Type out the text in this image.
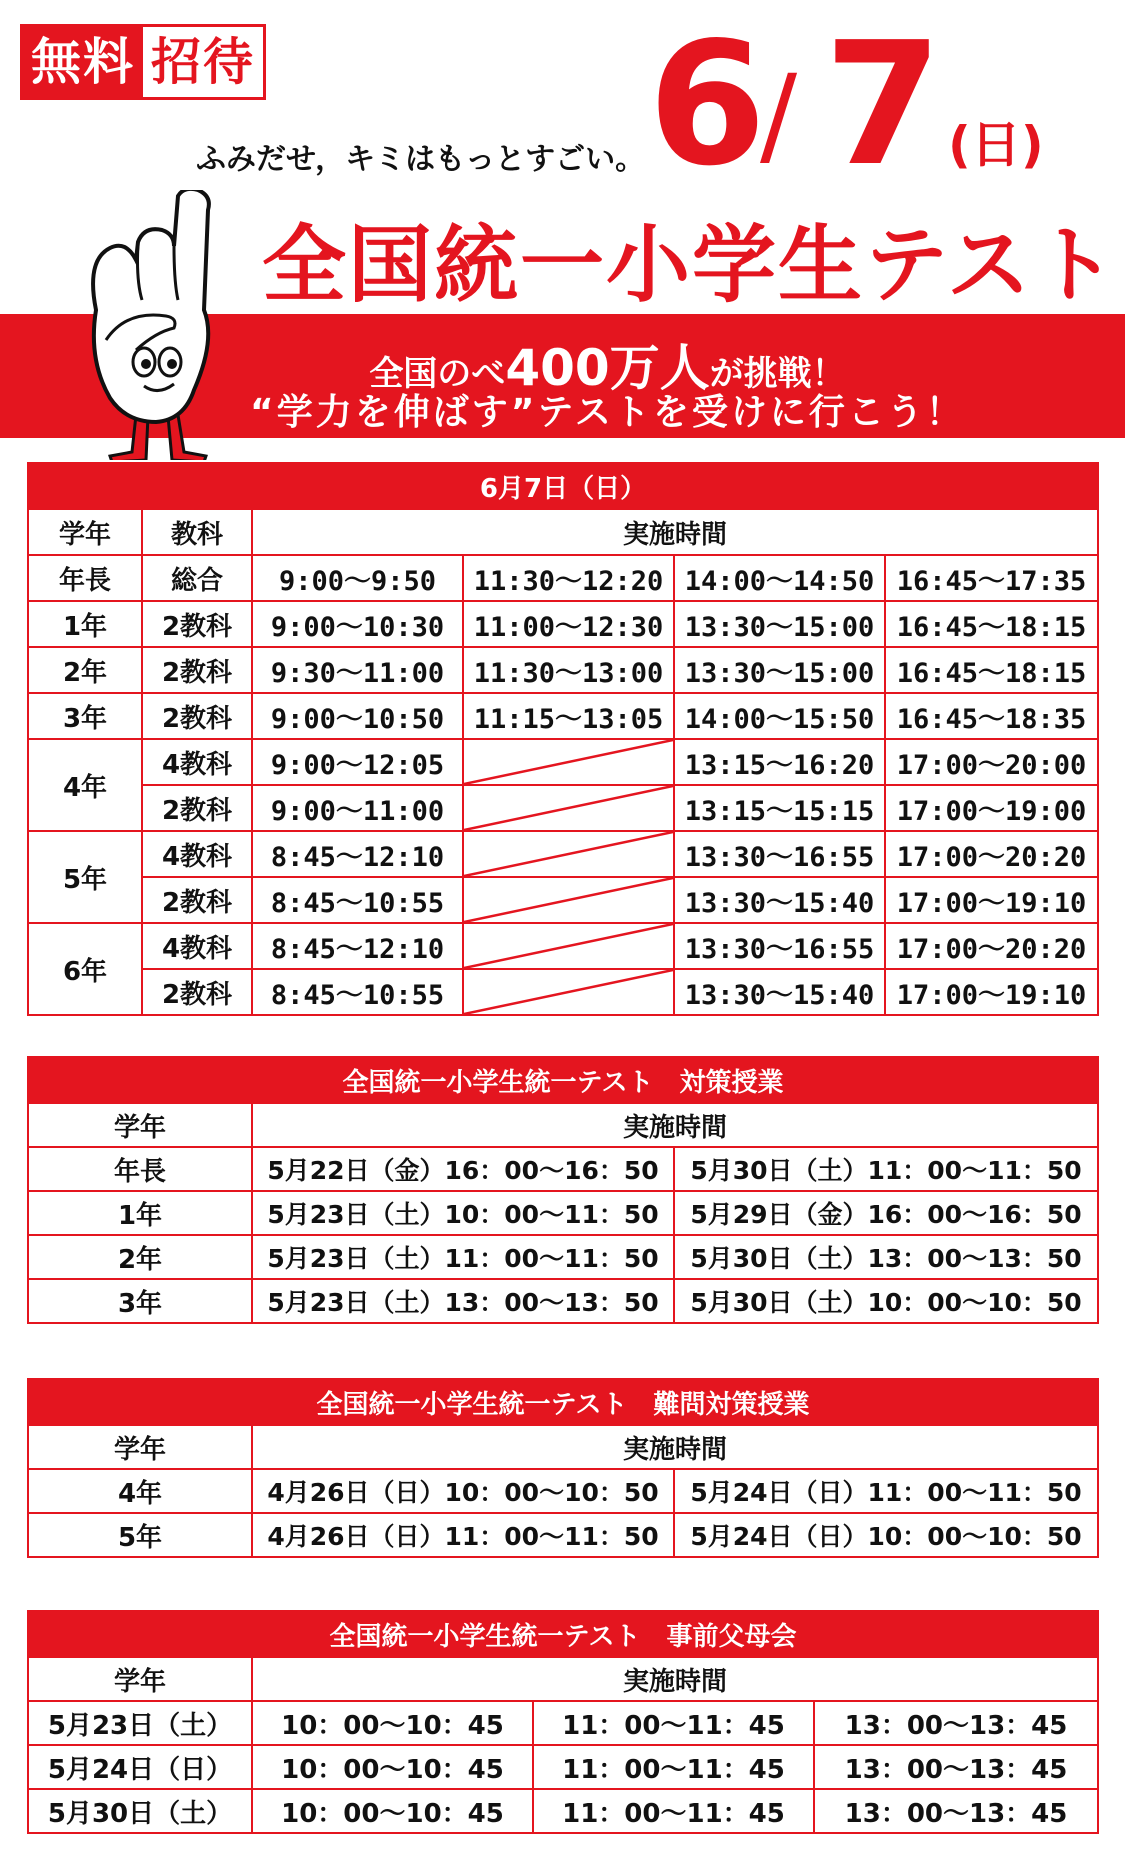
無料 招待
ふみだせ，キミはもっとすごい。 6
/ 7 (日)
全国統一小学生テスト
全国のべ400万人が挑戦！
“学力を伸ばす”テストを受けに行こう！
6月7日（日）					
学年	教科	実施時間			
年長	総合	9:00〜9:50	11:30〜12:20	14:00〜14:50	16:45〜17:35
1年	2教科	9:00〜10:30	11:00〜12:30	13:30〜15:00	16:45〜18:15
2年	2教科	9:30〜11:00	11:30〜13:00	13:30〜15:00	16:45〜18:15
3年	2教科	9:00〜10:50	11:15〜13:05	14:00〜15:50	16:45〜18:35
4年	4教科	9:00〜12:05		13:15〜16:20	17:00〜20:00
	2教科	9:00〜11:00		13:15〜15:15	17:00〜19:00
5年	4教科	8:45〜12:10		13:30〜16:55	17:00〜20:20
	2教科	8:45〜10:55		13:30〜15:40	17:00〜19:10
6年	4教科	8:45〜12:10		13:30〜16:55	17:00〜20:20
	2教科	8:45〜10:55		13:30〜15:40	17:00〜19:10
全国統一小学生統一テスト　対策授業		
学年	実施時間	
年長	5月22日（金）16：00〜16：50	5月30日（土）11：00〜11：50
1年	5月23日（土）10：00〜11：50	5月29日（金）16：00〜16：50
2年	5月23日（土）11：00〜11：50	5月30日（土）13：00〜13：50
3年	5月23日（土）13：00〜13：50	5月30日（土）10：00〜10：50
全国統一小学生統一テスト　難問対策授業		
学年	実施時間	
4年	4月26日（日）10：00〜10：50	5月24日（日）11：00〜11：50
5年	4月26日（日）11：00〜11：50	5月24日（日）10：00〜10：50
全国統一小学生統一テスト　事前父母会			
学年	実施時間		
5月23日（土）	10：00〜10：45	11：00〜11：45	13：00〜13：45
5月24日（日）	10：00〜10：45	11：00〜11：45	13：00〜13：45
5月30日（土）	10：00〜10：45	11：00〜11：45	13：00〜13：45
